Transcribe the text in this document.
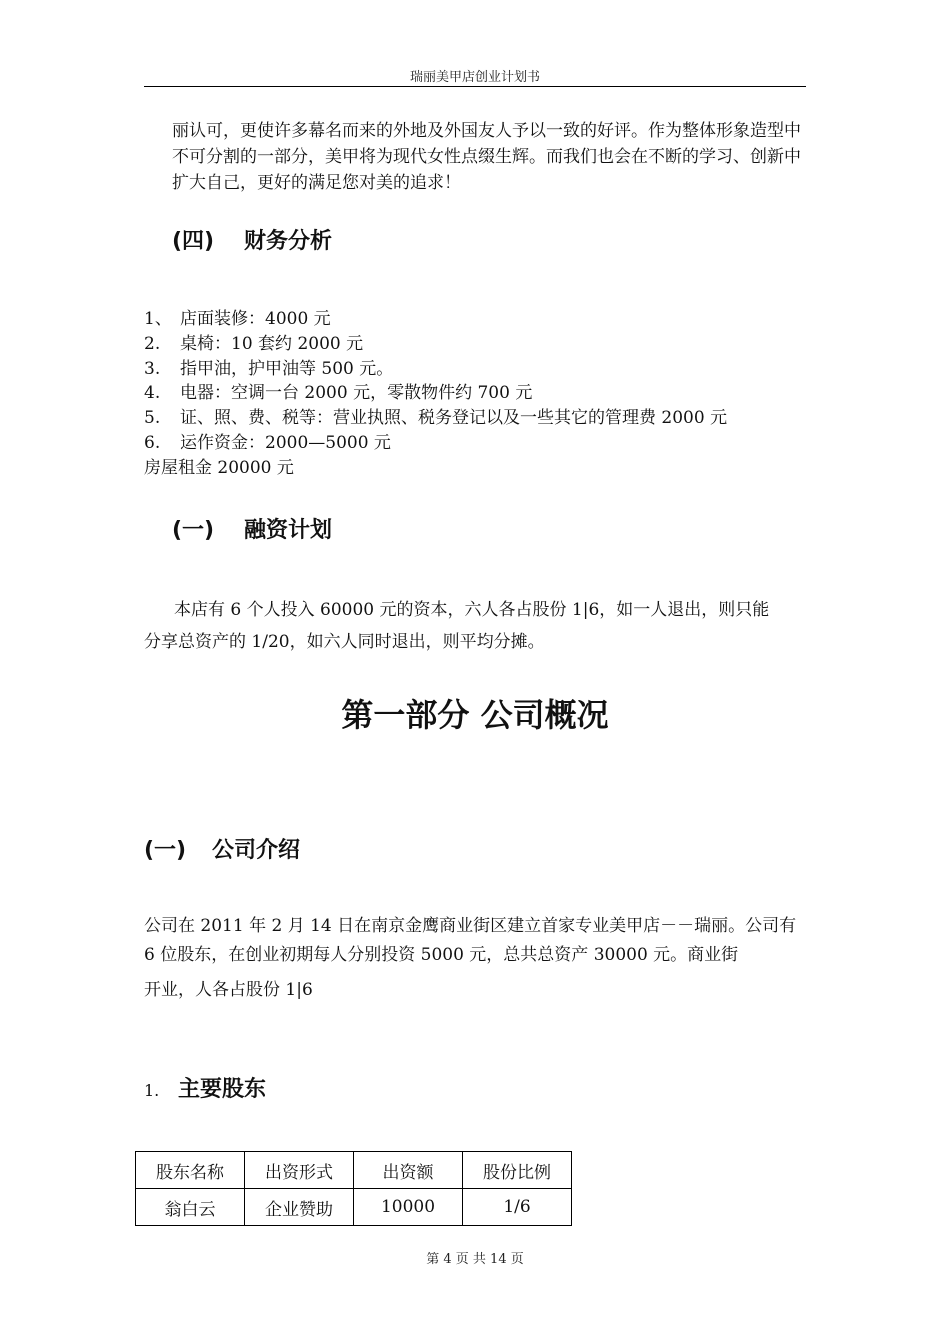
瑞丽美甲店创业计划书
丽认可，更使许多幕名而来的外地及外国友人予以一致的好评。作为整体形象造型中不可分割的一部分，美甲将为现代女性点缀生辉。而我们也会在不断的学习、创新中扩大自己，更好的满足您对美的追求！
(四) 财务分析
1、 店面装修：4000 元
2. 桌椅：10 套约 2000 元
3. 指甲油，护甲油等 500 元。
4. 电器：空调一台 2000 元，零散物件约 700 元
5. 证、照、费、税等：营业执照、税务登记以及一些其它的管理费 2000 元
6. 运作资金：2000—5000 元
房屋租金 20000 元
(一) 融资计划
本店有 6 个人投入 60000 元的资本，六人各占股份 1|6，如一人退出，则只能
分享总资产的 1/20，如六人同时退出，则平均分摊。
第一部分 公司概况
(一) 公司介绍
公司在 2011 年 2 月 14 日在南京金鹰商业街区建立首家专业美甲店－－瑞丽。公司有 6 位股东，在创业初期每人分别投资 5000 元，总共总资产 30000 元。商业街
开业，人各占股份 1|6
1. 主要股东
股东名称	出资形式	出资额	股份比例
翁白云	企业赞助	10000	1/6
第 4 页 共 14 页
